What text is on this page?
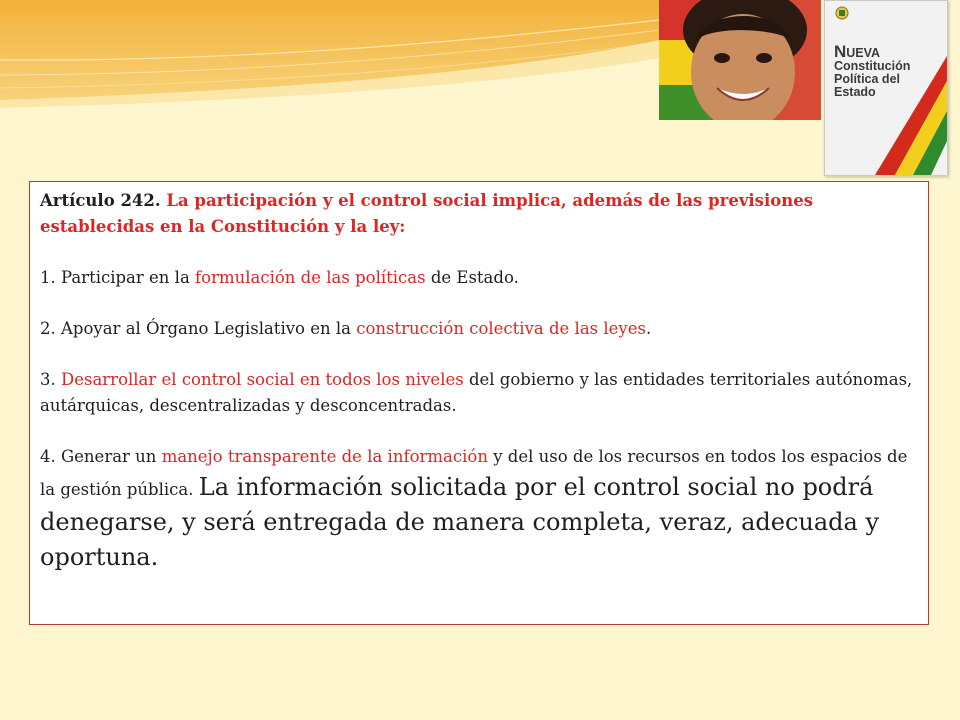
NUEVA
Constitución
Política del
Estado

Artículo 242. La participación y el control social implica, además de las previsiones establecidas en la Constitución y la ley:

1. Participar en la formulación de las políticas de Estado.

2. Apoyar al Órgano Legislativo en la construcción colectiva de las leyes.

3. Desarrollar el control social en todos los niveles del gobierno y las entidades territoriales autónomas, autárquicas, descentralizadas y desconcentradas.

4. Generar un manejo transparente de la información y del uso de los recursos en todos los espacios de la gestión pública. La información solicitada por el control social no podrá denegarse, y será entregada de manera completa, veraz, adecuada y oportuna.
